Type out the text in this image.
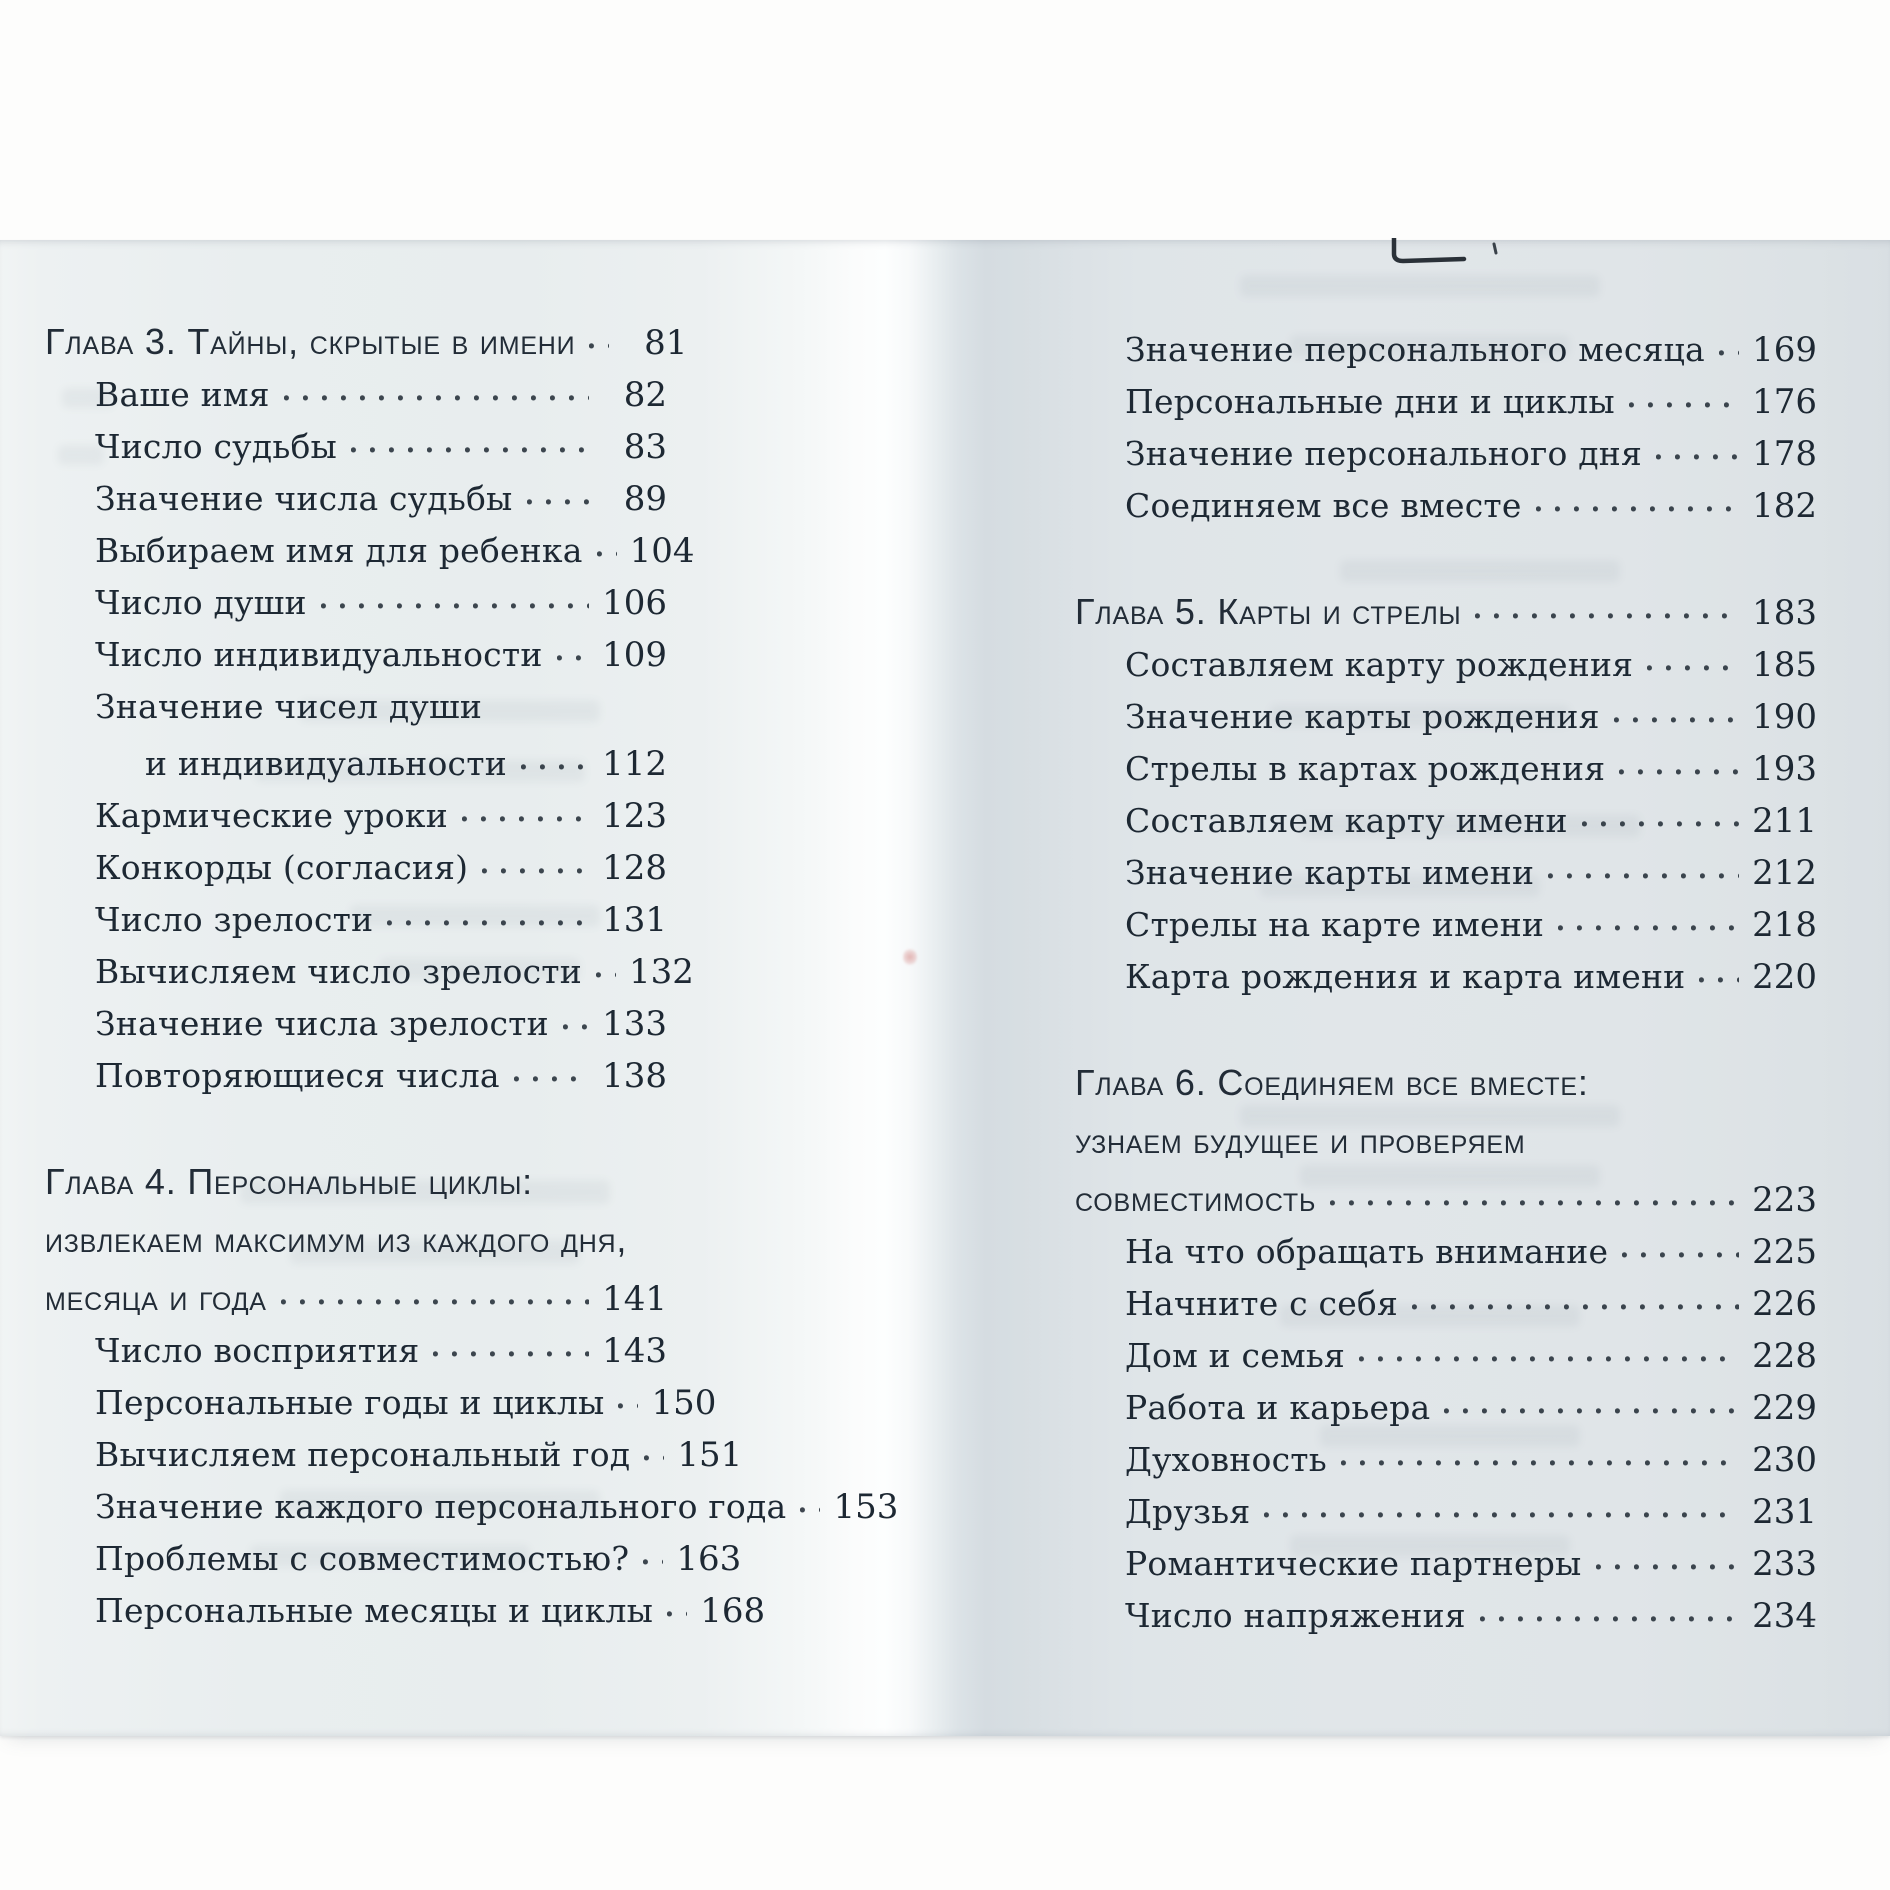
Глава 3. Тайны, скрытые в имени	81
Ваше имя	82
Число судьбы	83
Значение числа судьбы	89
Выбираем имя для ребенка 104
Число души	106
Число индивидуальности 109
Значение чисел души
и индивидуальности	112
Кармические уроки	123
Конкорды (согласия)	128
Число зрелости	131
Вычисляем число зрелости 132
Значение числа зрелости 133
Повторяющиеся числа	138
Глава 4. Персональные циклы:
извлекаем максимум из каждого дня,
месяца и года	141
Число восприятия	143
Персональные годы и циклы 150
Вычисляем персональный год 151
Значение каждого персонального года 153
Проблемы с совместимостью? 163
Персональные месяцы и циклы 168
Значение персонального месяца 169
Персональные дни и циклы	176
Значение персонального дня	178
Соединяем все вместе	182
Глава 5. Карты и стрелы	183
Составляем карту рождения	185
Значение карты рождения	190
Стрелы в картах рождения	193
Составляем карту имени	211
Значение карты имени	212
Стрелы на карте имени	218
Карта рождения и карта имени 220
Глава 6. Соединяем все вместе:
узнаем будущее и проверяем
совместимость	223
На что обращать внимание	225
Начните с себя	226
Дом и семья	228
Работа и карьера	229
Духовность	230
Друзья	231
Романтические партнеры	233
Число напряжения	234
